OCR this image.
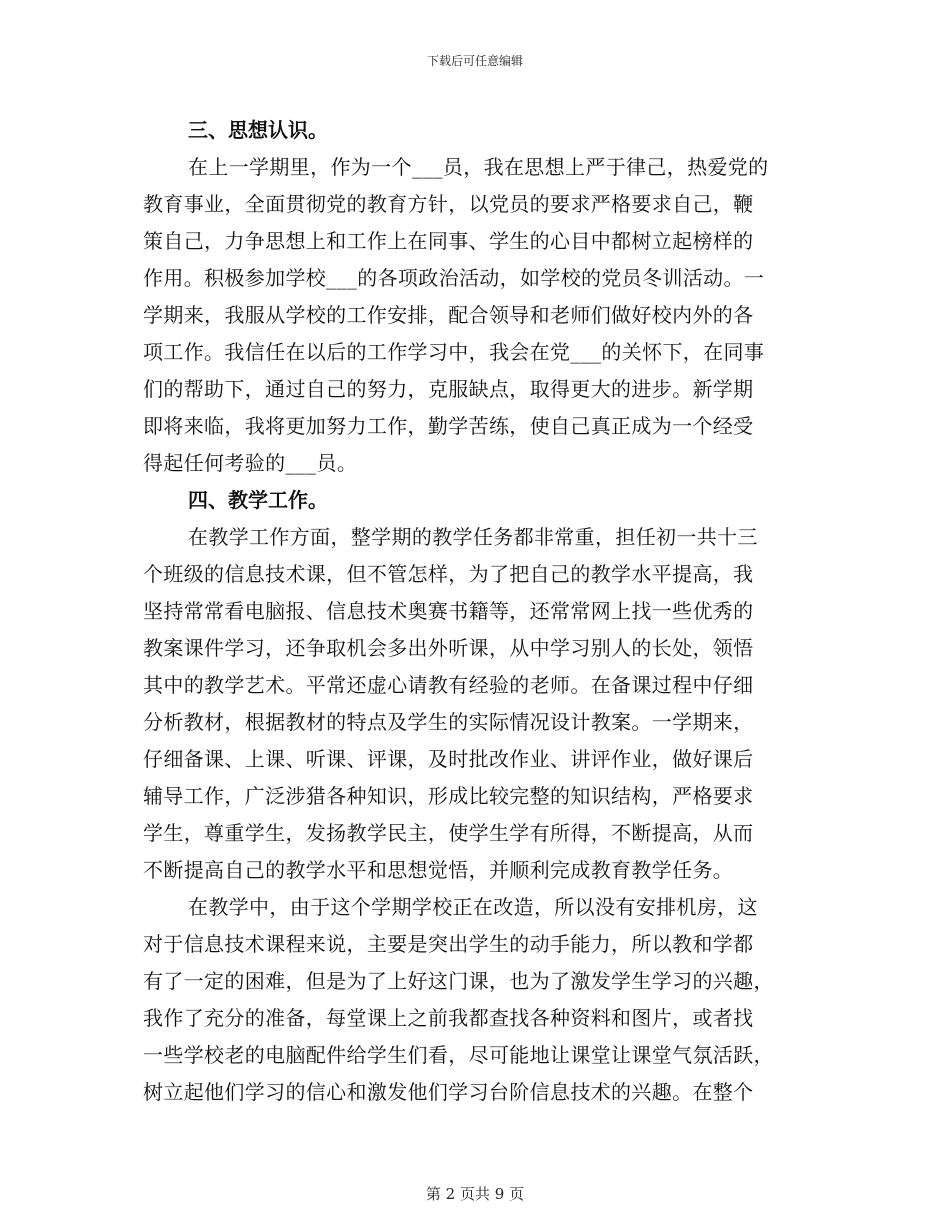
下载后可任意编辑
三、思想认识。
在上一学期里，作为一个___员，我在思想上严于律己，热爱党的
教育事业，全面贯彻党的教育方针，以党员的要求严格要求自己，鞭
策自己，力争思想上和工作上在同事、学生的心目中都树立起榜样的
作用。积极参加学校___的各项政治活动，如学校的党员冬训活动。一
学期来，我服从学校的工作安排，配合领导和老师们做好校内外的各
项工作。我信任在以后的工作学习中，我会在党___的关怀下，在同事
们的帮助下，通过自己的努力，克服缺点，取得更大的进步。新学期
即将来临，我将更加努力工作，勤学苦练，使自己真正成为一个经受
得起任何考验的___员。
四、教学工作。
在教学工作方面，整学期的教学任务都非常重，担任初一共十三
个班级的信息技术课，但不管怎样，为了把自己的教学水平提高，我
坚持常常看电脑报、信息技术奥赛书籍等，还常常网上找一些优秀的
教案课件学习，还争取机会多出外听课，从中学习别人的长处，领悟
其中的教学艺术。平常还虚心请教有经验的老师。在备课过程中仔细
分析教材，根据教材的特点及学生的实际情况设计教案。一学期来，
仔细备课、上课、听课、评课，及时批改作业、讲评作业，做好课后
辅导工作，广泛涉猎各种知识，形成比较完整的知识结构，严格要求
学生，尊重学生，发扬教学民主，使学生学有所得，不断提高，从而
不断提高自己的教学水平和思想觉悟，并顺利完成教育教学任务。
在教学中，由于这个学期学校正在改造，所以没有安排机房，这
对于信息技术课程来说，主要是突出学生的动手能力，所以教和学都
有了一定的困难，但是为了上好这门课，也为了激发学生学习的兴趣，
我作了充分的准备，每堂课上之前我都查找各种资料和图片，或者找
一些学校老的电脑配件给学生们看，尽可能地让课堂让课堂气氛活跃，
树立起他们学习的信心和激发他们学习台阶信息技术的兴趣。在整个
第 2 页共 9 页
